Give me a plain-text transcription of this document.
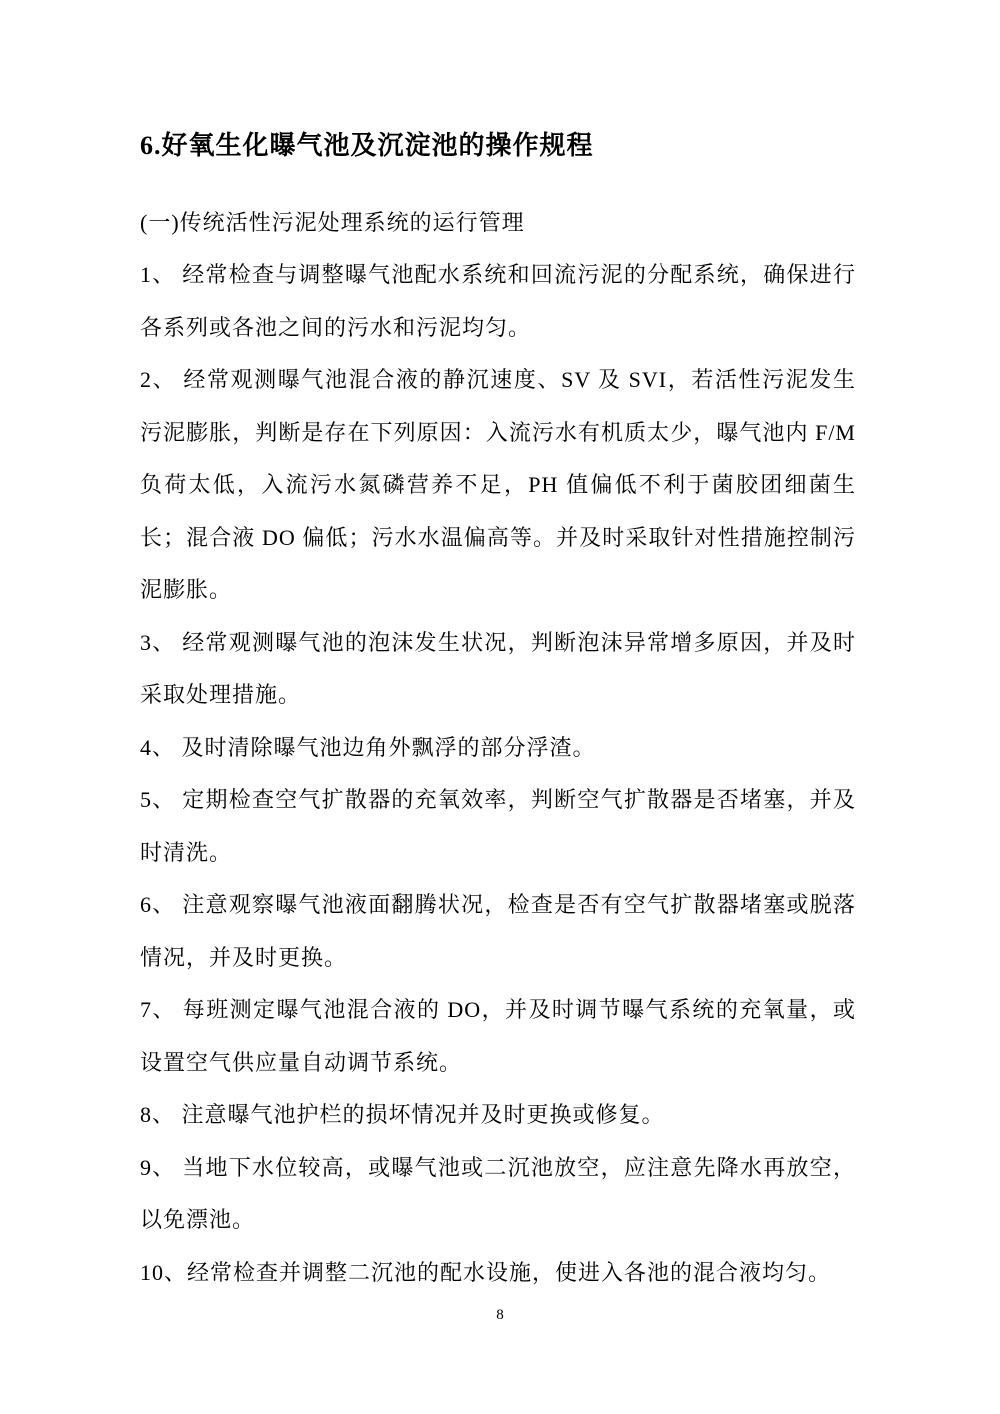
6.好氧生化曝气池及沉淀池的操作规程

(一)传统活性污泥处理系统的运行管理

1、 经常检查与调整曝气池配水系统和回流污泥的分配系统，确保进行各系列或各池之间的污水和污泥均匀。

2、 经常观测曝气池混合液的静沉速度、SV 及 SVI，若活性污泥发生污泥膨胀，判断是存在下列原因：入流污水有机质太少，曝气池内 F/M 负荷太低，入流污水氮磷营养不足，PH 值偏低不利于菌胶团细菌生长；混合液 DO 偏低；污水水温偏高等。并及时采取针对性措施控制污泥膨胀。

3、 经常观测曝气池的泡沫发生状况，判断泡沫异常增多原因，并及时采取处理措施。

4、 及时清除曝气池边角外飘浮的部分浮渣。

5、 定期检查空气扩散器的充氧效率，判断空气扩散器是否堵塞，并及时清洗。

6、 注意观察曝气池液面翻腾状况，检查是否有空气扩散器堵塞或脱落情况，并及时更换。

7、 每班测定曝气池混合液的 DO，并及时调节曝气系统的充氧量，或设置空气供应量自动调节系统。

8、 注意曝气池护栏的损坏情况并及时更换或修复。

9、 当地下水位较高，或曝气池或二沉池放空，应注意先降水再放空，以免漂池。

10、经常检查并调整二沉池的配水设施，使进入各池的混合液均匀。

8
